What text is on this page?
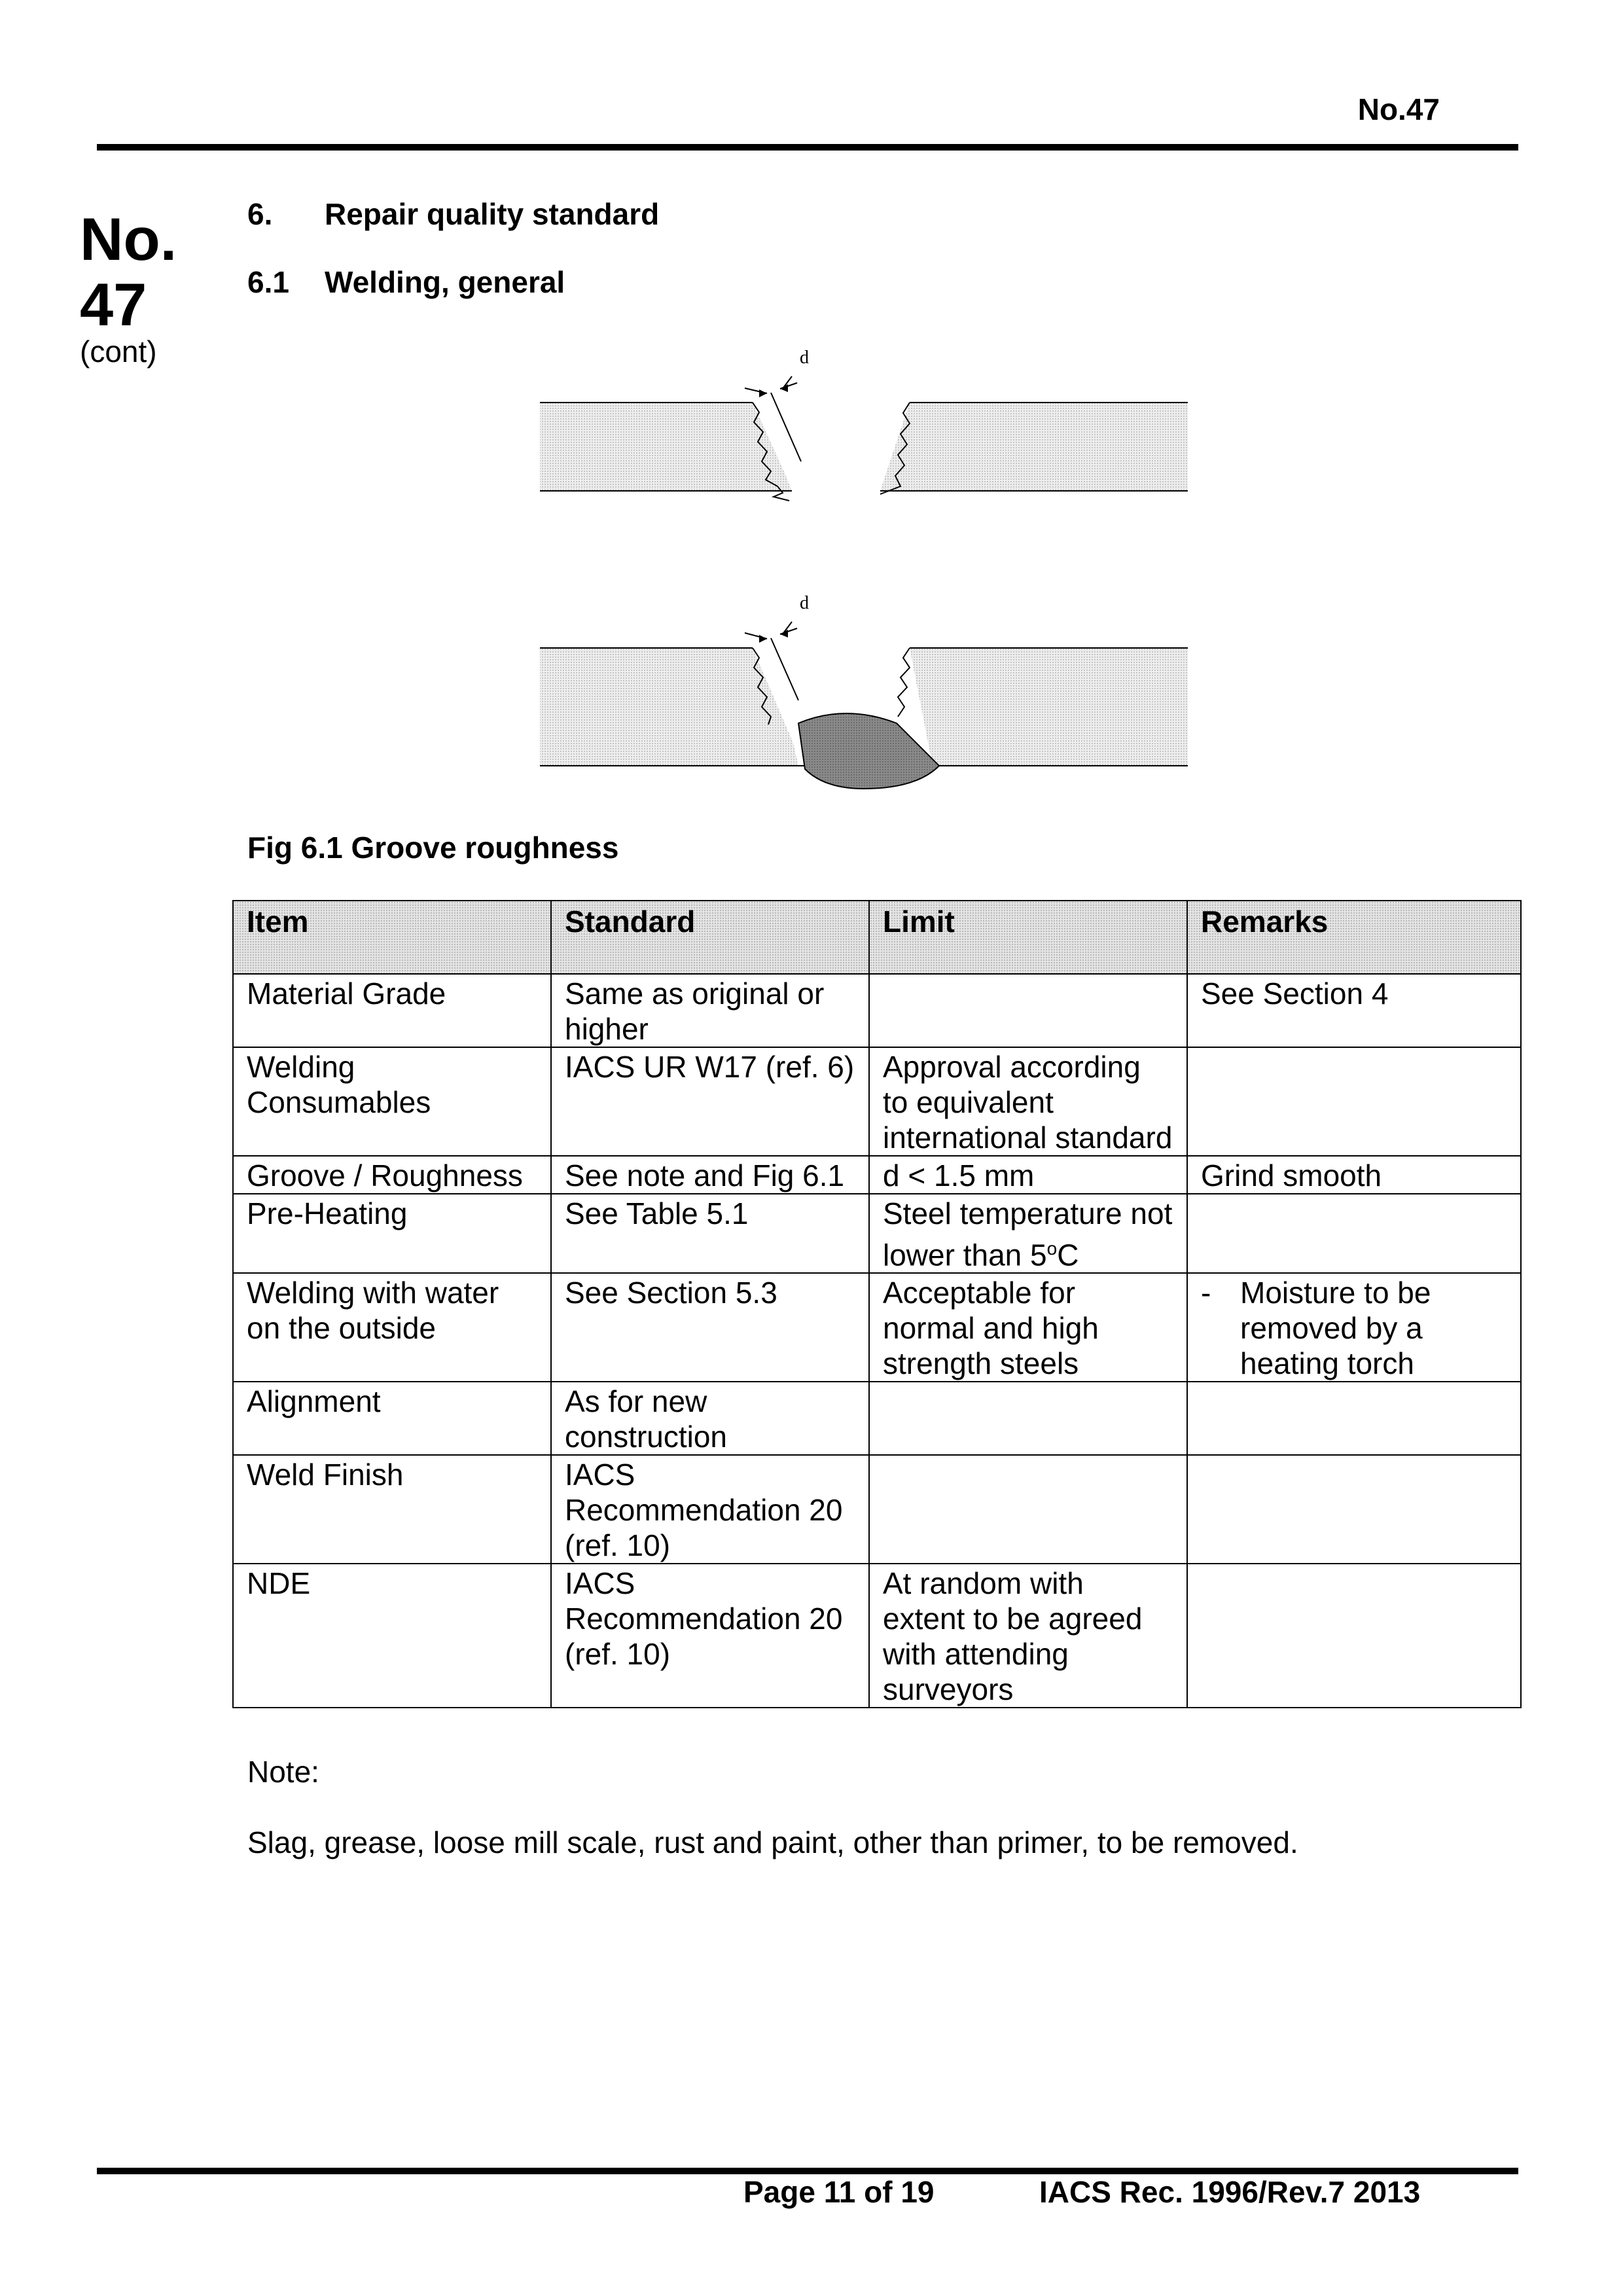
No.47
No.
47
(cont)
6. Repair quality standard
6.1 Welding, general
d
d
Fig 6.1 Groove roughness
Item	Standard	Limit	Remarks
Material Grade	Same as original or higher		See Section 4
Welding Consumables	IACS UR W17 (ref. 6)	Approval according to equivalent international standard	
Groove / Roughness	See note and Fig 6.1	d < 1.5 mm	Grind smooth
Pre-Heating	See Table 5.1	Steel temperature not lower than 5$^o$C	
Welding with water on the outside	See Section 5.3	Acceptable for normal and high strength steels	- Moisture to be removed by a heating torch

Alignment	As for new construction		
Weld Finish	IACS Recommendation 20 (ref. 10)		
NDE	IACS Recommendation 20 (ref. 10)	At random with extent to be agreed with attending surveyors	
Note:
Slag, grease, loose mill scale, rust and paint, other than primer, to be removed.
Page 11 of 19	IACS Rec. 1996/Rev.7 2013
